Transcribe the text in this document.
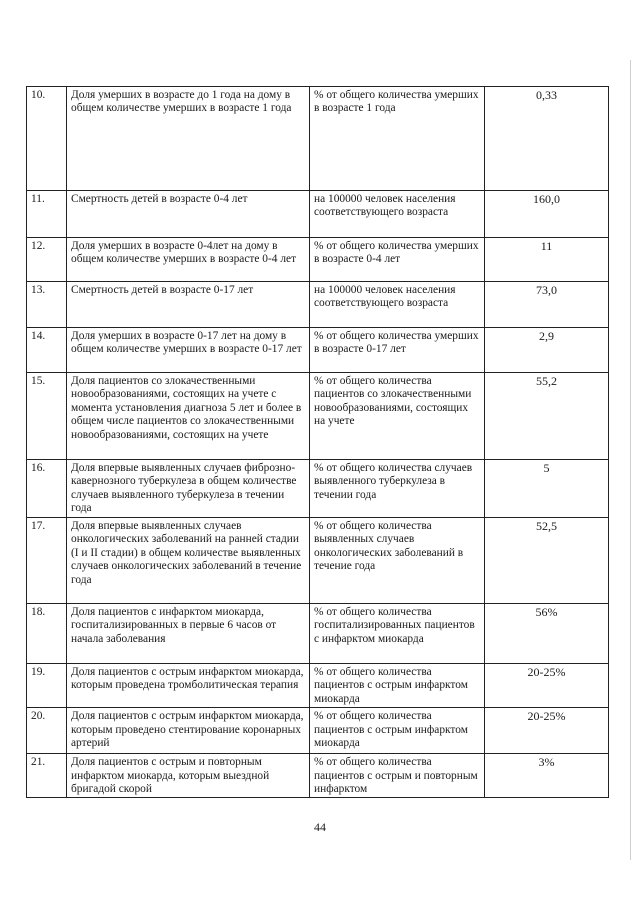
10.	Доля умерших в возрасте до 1 года на дому в общем количестве умерших в возрасте 1 года	% от общего количества умерших в возрасте 1 года	0,33
11.	Смертность детей в возрасте 0-4 лет	на 100000 человек населения соответствующего возраста	160,0
12.	Доля умерших в возрасте 0-4лет на дому в общем количестве умерших в возрасте 0-4 лет	% от общего количества умерших в возрасте 0-4 лет	11
13.	Смертность детей в возрасте 0-17 лет	на 100000 человек населения соответствующего возраста	73,0
14.	Доля умерших в возрасте 0-17 лет на дому в общем количестве умерших в возрасте 0-17 лет	% от общего количества умерших в возрасте 0-17 лет	2,9
15.	Доля пациентов со злокачественными новообразованиями, состоящих на учете с момента установления диагноза 5 лет и более в общем числе пациентов со злокачественными новообразованиями, состоящих на учете	% от общего количества пациентов со злокачественными новообразованиями, состоящих на учете	55,2
16.	Доля впервые выявленных случаев фиброзно-кавернозного туберкулеза в общем количестве случаев выявленного туберкулеза в течении года	% от общего количества случаев выявленного туберкулеза в течении года	5
17.	Доля впервые выявленных случаев онкологических заболеваний на ранней стадии (I и II стадии) в общем количестве выявленных случаев онкологических заболеваний в течение года	% от общего количества выявленных случаев онкологических заболеваний в течение года	52,5
18.	Доля пациентов с инфарктом миокарда, госпитализированных в первые 6 часов от начала заболевания	% от общего количества госпитализированных пациентов с инфарктом миокарда	56%
19.	Доля пациентов с острым инфарктом миокарда, которым проведена тромболитическая терапия	% от общего количества пациентов с острым инфарктом миокарда	20-25%
20.	Доля пациентов с острым инфарктом миокарда, которым проведено стентирование коронарных артерий	% от общего количества пациентов с острым инфарктом миокарда	20-25%
21.	Доля пациентов с острым и повторным инфарктом миокарда, которым выездной бригадой скорой	% от общего количества пациентов с острым и повторным инфарктом	3%
44
